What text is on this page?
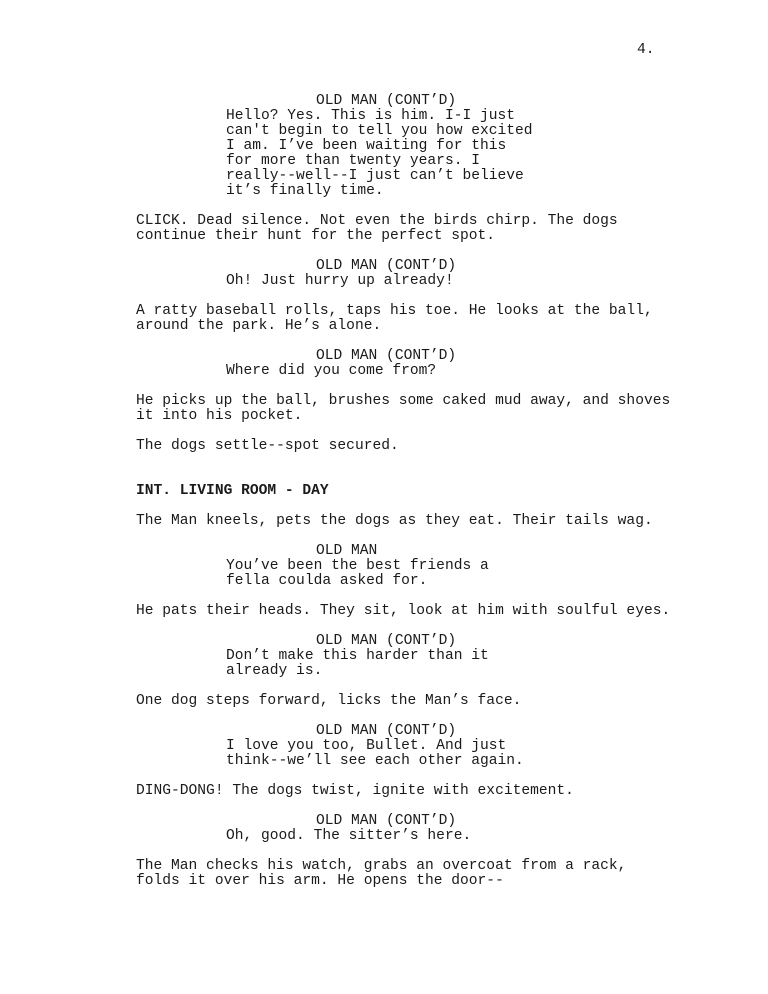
4.
OLD MAN (CONT’D)
Hello? Yes. This is him. I-I just
can't begin to tell you how excited
I am. I’ve been waiting for this
for more than twenty years. I
really--well--I just can’t believe
it’s finally time.
CLICK. Dead silence. Not even the birds chirp. The dogs
continue their hunt for the perfect spot.
OLD MAN (CONT’D)
Oh! Just hurry up already!
A ratty baseball rolls, taps his toe. He looks at the ball,
around the park. He’s alone.
OLD MAN (CONT’D)
Where did you come from?
He picks up the ball, brushes some caked mud away, and shoves
it into his pocket.
The dogs settle--spot secured.
INT. LIVING ROOM - DAY
The Man kneels, pets the dogs as they eat. Their tails wag.
OLD MAN
You’ve been the best friends a
fella coulda asked for.
He pats their heads. They sit, look at him with soulful eyes.
OLD MAN (CONT’D)
Don’t make this harder than it
already is.
One dog steps forward, licks the Man’s face.
OLD MAN (CONT’D)
I love you too, Bullet. And just
think--we’ll see each other again.
DING-DONG! The dogs twist, ignite with excitement.
OLD MAN (CONT’D)
Oh, good. The sitter’s here.
The Man checks his watch, grabs an overcoat from a rack,
folds it over his arm. He opens the door--
